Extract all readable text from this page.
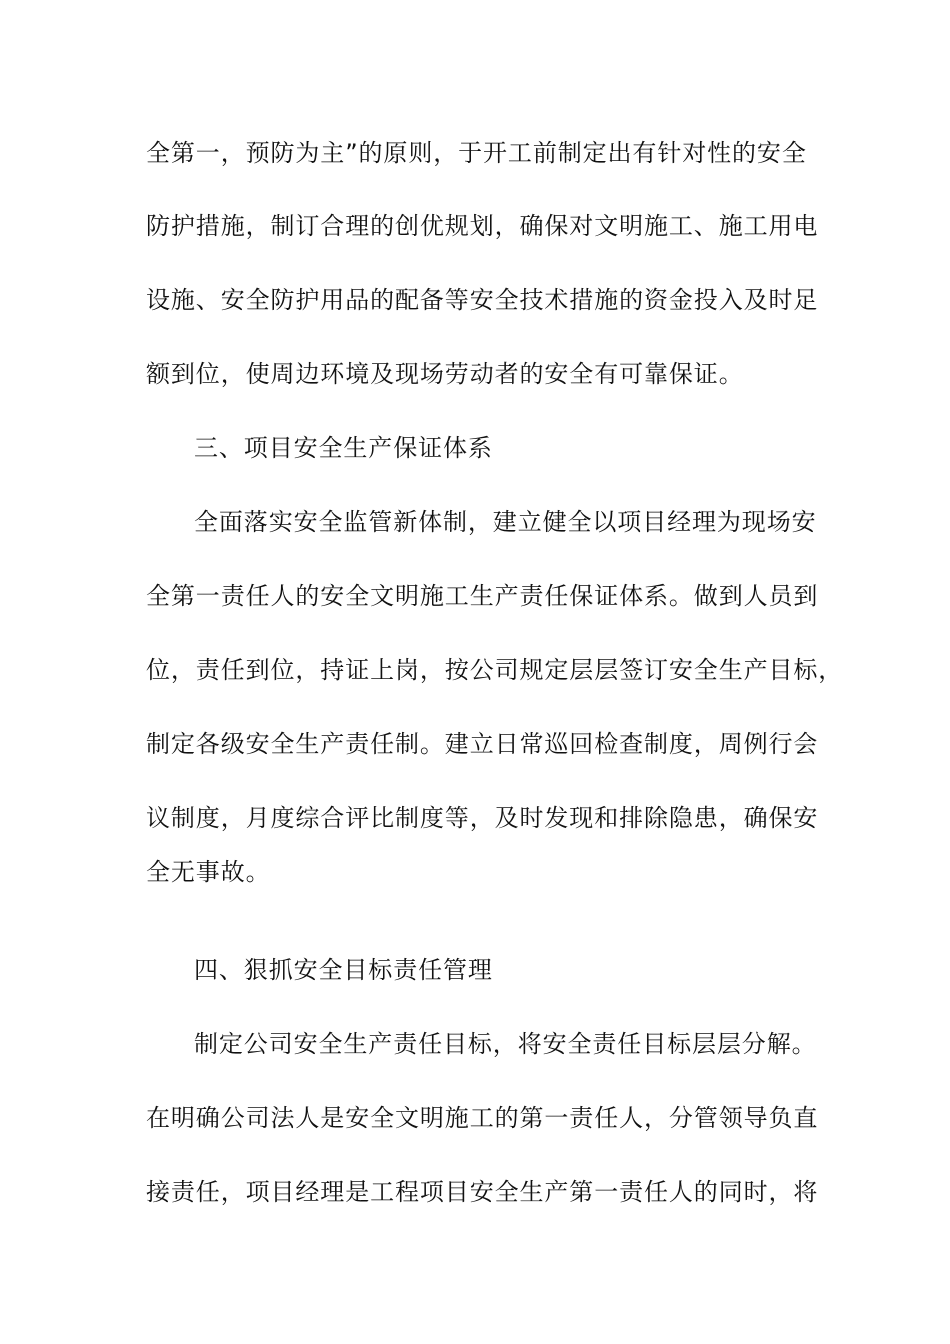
全第一，预防为主”的原则，于开工前制定出有针对性的安全
防护措施，制订合理的创优规划，确保对文明施工、施工用电
设施、安全防护用品的配备等安全技术措施的资金投入及时足
额到位，使周边环境及现场劳动者的安全有可靠保证。
三、项目安全生产保证体系
全面落实安全监管新体制，建立健全以项目经理为现场安
全第一责任人的安全文明施工生产责任保证体系。做到人员到
位，责任到位，持证上岗，按公司规定层层签订安全生产目标，
制定各级安全生产责任制。建立日常巡回检查制度，周例行会
议制度，月度综合评比制度等，及时发现和排除隐患，确保安
全无事故。
四、狠抓安全目标责任管理
制定公司安全生产责任目标，将安全责任目标层层分解。
在明确公司法人是安全文明施工的第一责任人，分管领导负直
接责任，项目经理是工程项目安全生产第一责任人的同时，将
